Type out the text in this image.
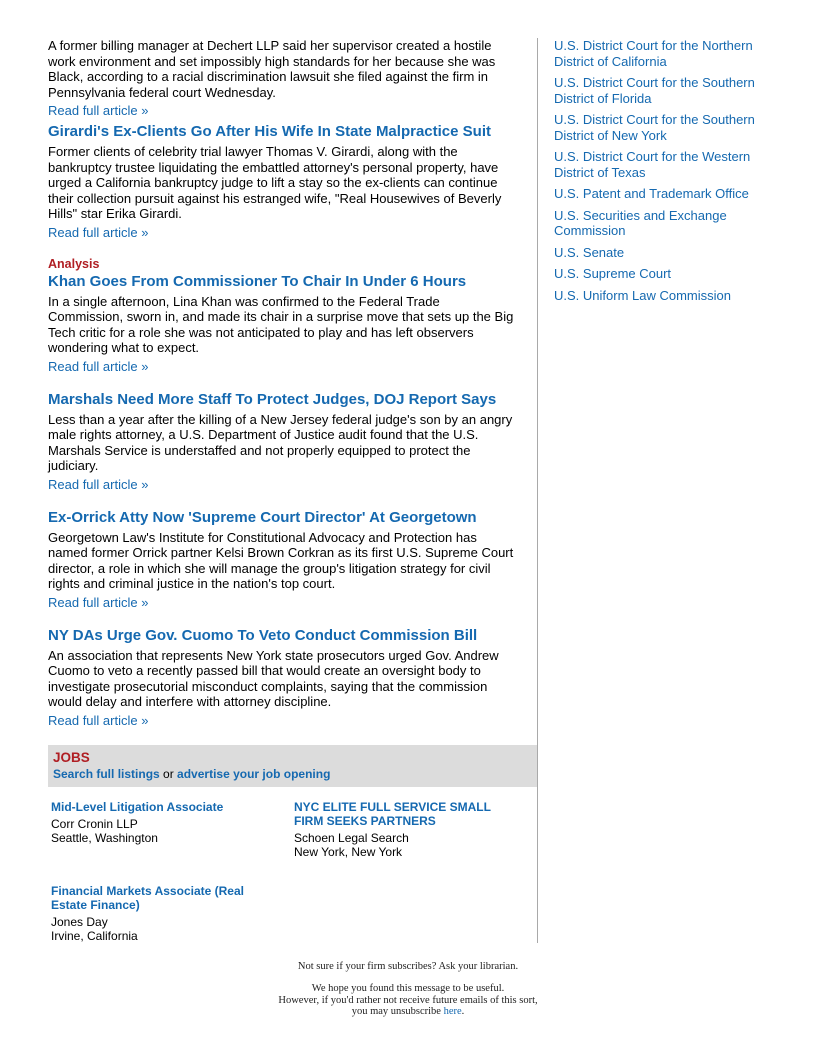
A former billing manager at Dechert LLP said her supervisor created a hostile work environment and set impossibly high standards for her because she was Black, according to a racial discrimination lawsuit she filed against the firm in Pennsylvania federal court Wednesday.

Read full article »
Girardi's Ex-Clients Go After His Wife In State Malpractice Suit

Former clients of celebrity trial lawyer Thomas V. Girardi, along with the bankruptcy trustee liquidating the embattled attorney's personal property, have urged a California bankruptcy judge to lift a stay so the ex-clients can continue their collection pursuit against his estranged wife, "Real Housewives of Beverly Hills" star Erika Girardi.

Read full article »
Analysis
Khan Goes From Commissioner To Chair In Under 6 Hours

In a single afternoon, Lina Khan was confirmed to the Federal Trade Commission, sworn in, and made its chair in a surprise move that sets up the Big Tech critic for a role she was not anticipated to play and has left observers wondering what to expect.

Read full article »
Marshals Need More Staff To Protect Judges, DOJ Report Says

Less than a year after the killing of a New Jersey federal judge's son by an angry male rights attorney, a U.S. Department of Justice audit found that the U.S. Marshals Service is understaffed and not properly equipped to protect the judiciary.

Read full article »
Ex-Orrick Atty Now 'Supreme Court Director' At Georgetown

Georgetown Law's Institute for Constitutional Advocacy and Protection has named former Orrick partner Kelsi Brown Corkran as its first U.S. Supreme Court director, a role in which she will manage the group's litigation strategy for civil rights and criminal justice in the nation's top court.

Read full article »
NY DAs Urge Gov. Cuomo To Veto Conduct Commission Bill

An association that represents New York state prosecutors urged Gov. Andrew Cuomo to veto a recently passed bill that would create an oversight body to investigate prosecutorial misconduct complaints, saying that the commission would delay and interfere with attorney discipline.

Read full article »
JOBS
Search full listings or advertise your job opening
Mid-Level Litigation Associate
Corr Cronin LLP
Seattle, Washington
NYC ELITE FULL SERVICE SMALL FIRM SEEKS PARTNERS
Schoen Legal Search
New York, New York
Financial Markets Associate (Real Estate Finance)
Jones Day
Irvine, California
U.S. District Court for the Northern District of California
U.S. District Court for the Southern District of Florida
U.S. District Court for the Southern District of New York
U.S. District Court for the Western District of Texas
U.S. Patent and Trademark Office
U.S. Securities and Exchange Commission
U.S. Senate
U.S. Supreme Court
U.S. Uniform Law Commission

Not sure if your firm subscribes? Ask your librarian.

We hope you found this message to be useful.
However, if you'd rather not receive future emails of this sort,
you may unsubscribe here.
